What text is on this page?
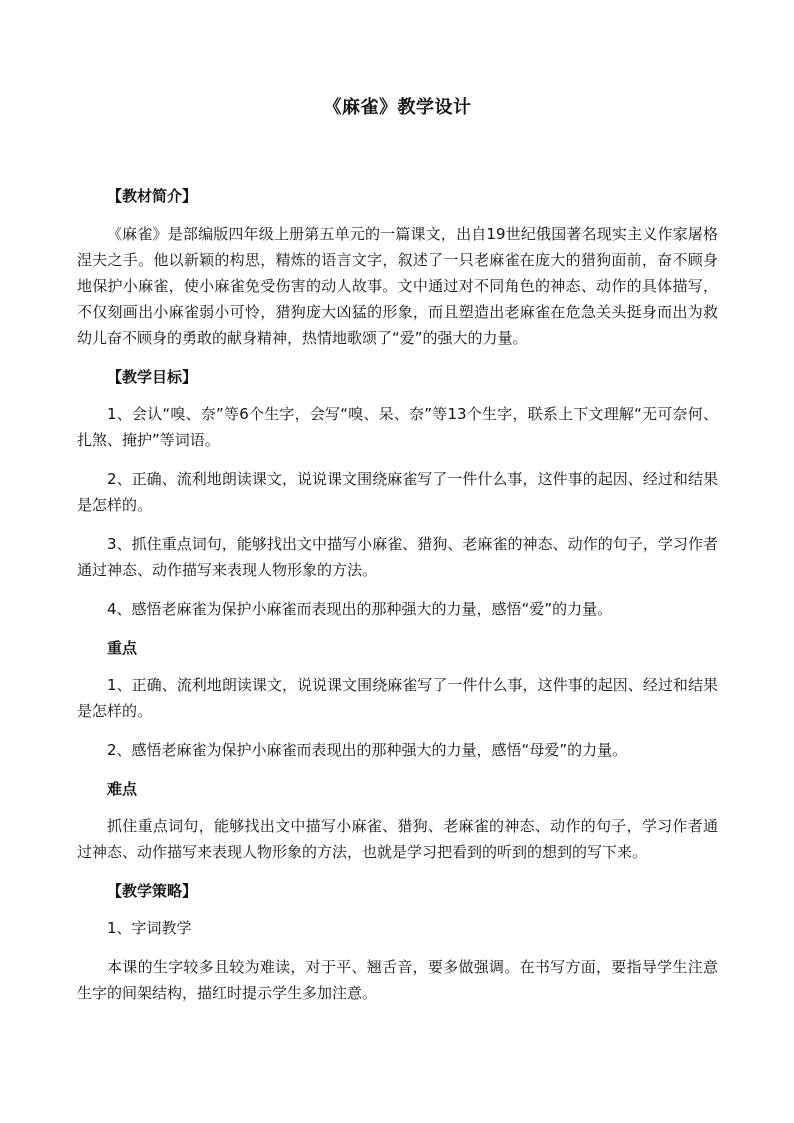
《麻雀》教学设计

【教材简介】

《麻雀》是部编版四年级上册第五单元的一篇课文，出自19世纪俄国著名现实主义作家屠格涅夫之手。他以新颖的构思，精炼的语言文字，叙述了一只老麻雀在庞大的猎狗面前，奋不顾身地保护小麻雀，使小麻雀免受伤害的动人故事。文中通过对不同角色的神态、动作的具体描写，不仅刻画出小麻雀弱小可怜，猎狗庞大凶猛的形象，而且塑造出老麻雀在危急关头挺身而出为救幼儿奋不顾身的勇敢的献身精神，热情地歌颂了“爱”的强大的力量。

【教学目标】

1、会认“嗅、奈”等6个生字，会写“嗅、呆、奈”等13个生字，联系上下文理解“无可奈何、扎煞、掩护”等词语。

2、正确、流利地朗读课文，说说课文围绕麻雀写了一件什么事，这件事的起因、经过和结果是怎样的。

3、抓住重点词句，能够找出文中描写小麻雀、猎狗、老麻雀的神态、动作的句子，学习作者通过神态、动作描写来表现人物形象的方法。

4、感悟老麻雀为保护小麻雀而表现出的那种强大的力量，感悟“爱”的力量。

重点

1、正确、流利地朗读课文，说说课文围绕麻雀写了一件什么事，这件事的起因、经过和结果是怎样的。

2、感悟老麻雀为保护小麻雀而表现出的那种强大的力量，感悟“母爱”的力量。

难点

抓住重点词句，能够找出文中描写小麻雀、猎狗、老麻雀的神态、动作的句子，学习作者通过神态、动作描写来表现人物形象的方法，也就是学习把看到的听到的想到的写下来。

【教学策略】

1、字词教学

本课的生字较多且较为难读，对于平、翘舌音，要多做强调。在书写方面，要指导学生注意生字的间架结构，描红时提示学生多加注意。
